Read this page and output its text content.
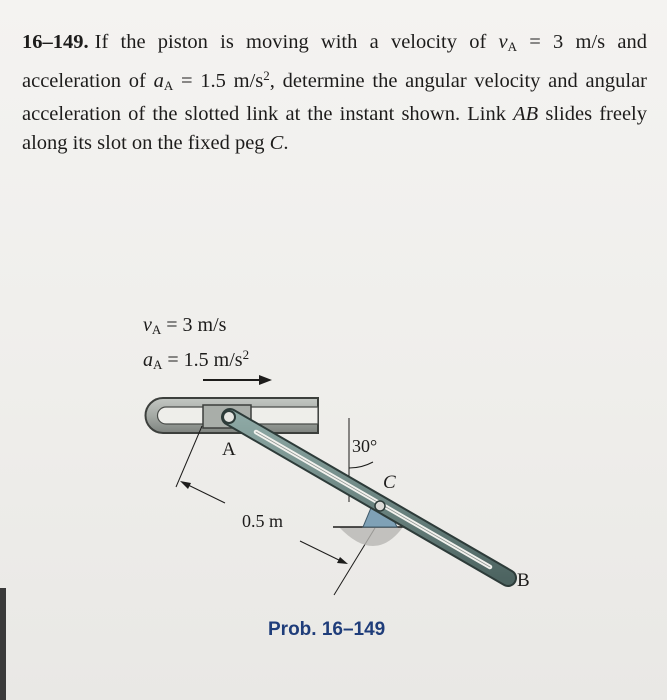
16–149. If the piston is moving with a velocity of $v_A = 3$ m/s and acceleration of $a_A = 1.5$ $m/s^2$, determine the angular velocity and angular acceleration of the slotted link at the instant shown. Link AB slides freely along its slot on the fixed peg C.
$v_A = 3$ m/s
$a_A = 1.5$ $m/s^2$
A
B
C
30°
0.5 m
Prob. 16–149
